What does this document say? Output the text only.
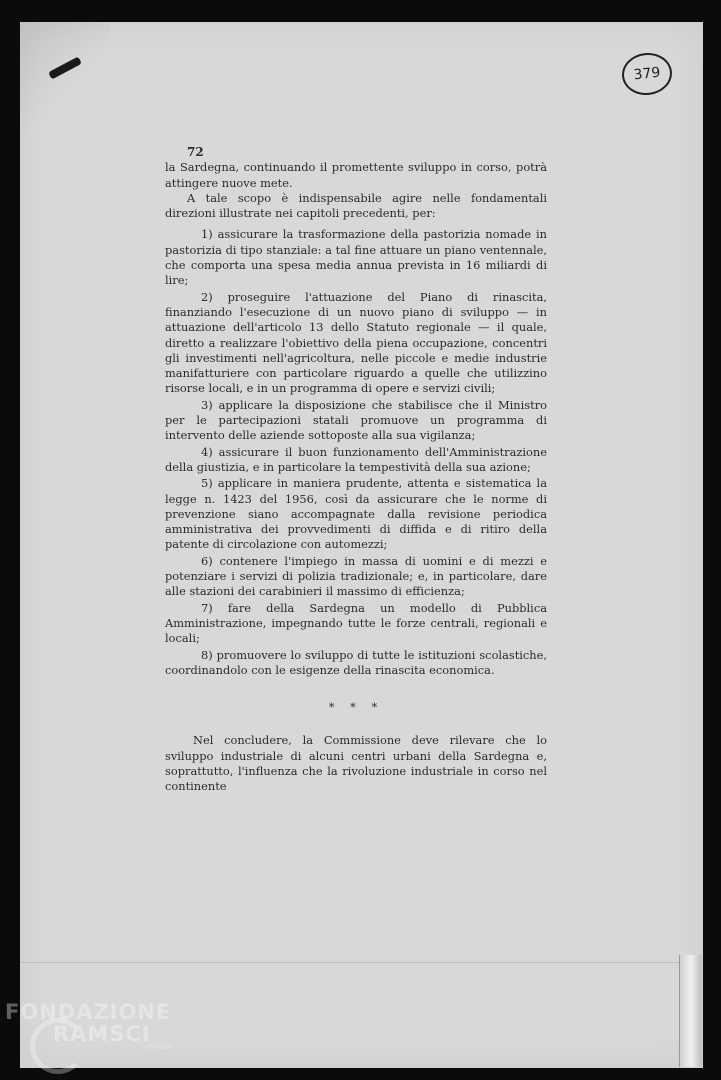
379
72

la Sardegna, continuando il promettente sviluppo in corso, potrà attingere nuove mete.

A tale scopo è indispensabile agire nelle fondamentali direzioni illustrate nei capitoli precedenti, per:

1) assicurare la trasformazione della pastorizia nomade in pastorizia di tipo stanziale: a tal fine attuare un piano ventennale, che comporta una spesa media annua prevista in 16 miliardi di lire;

2) proseguire l'attuazione del Piano di rinascita, finanziando l'esecuzione di un nuovo piano di sviluppo — in attuazione dell'articolo 13 dello Statuto regionale — il quale, diretto a realizzare l'obiettivo della piena occupazione, concentri gli investimenti nell'agricoltura, nelle piccole e medie industrie manifatturiere con particolare riguardo a quelle che utilizzino risorse locali, e in un programma di opere e servizi civili;

3) applicare la disposizione che stabilisce che il Ministro per le partecipazioni statali promuove un programma di intervento delle aziende sottoposte alla sua vigilanza;

4) assicurare il buon funzionamento dell'Amministrazione della giustizia, e in particolare la tempestività della sua azione;

5) applicare in maniera prudente, attenta e sistematica la legge n. 1423 del 1956, così da assicurare che le norme di prevenzione siano accompagnate dalla revisione periodica amministrativa dei provvedimenti di diffida e di ritiro della patente di circolazione con automezzi;

6) contenere l'impiego in massa di uomini e di mezzi e potenziare i servizi di polizia tradizionale; e, in particolare, dare alle stazioni dei carabinieri il massimo di efficienza;

7) fare della Sardegna un modello di Pubblica Amministrazione, impegnando tutte le forze centrali, regionali e locali;

8) promuovere lo sviluppo di tutte le istituzioni scolastiche, coordinandolo con le esigenze della rinascita economica.

* * *

Nel concludere, la Commissione deve rilevare che lo sviluppo industriale di alcuni centri urbani della Sardegna e, soprattutto, l'influenza che la rivoluzione industriale in corso nel continente

FONDAZIONE
RAMSCI
onlus
